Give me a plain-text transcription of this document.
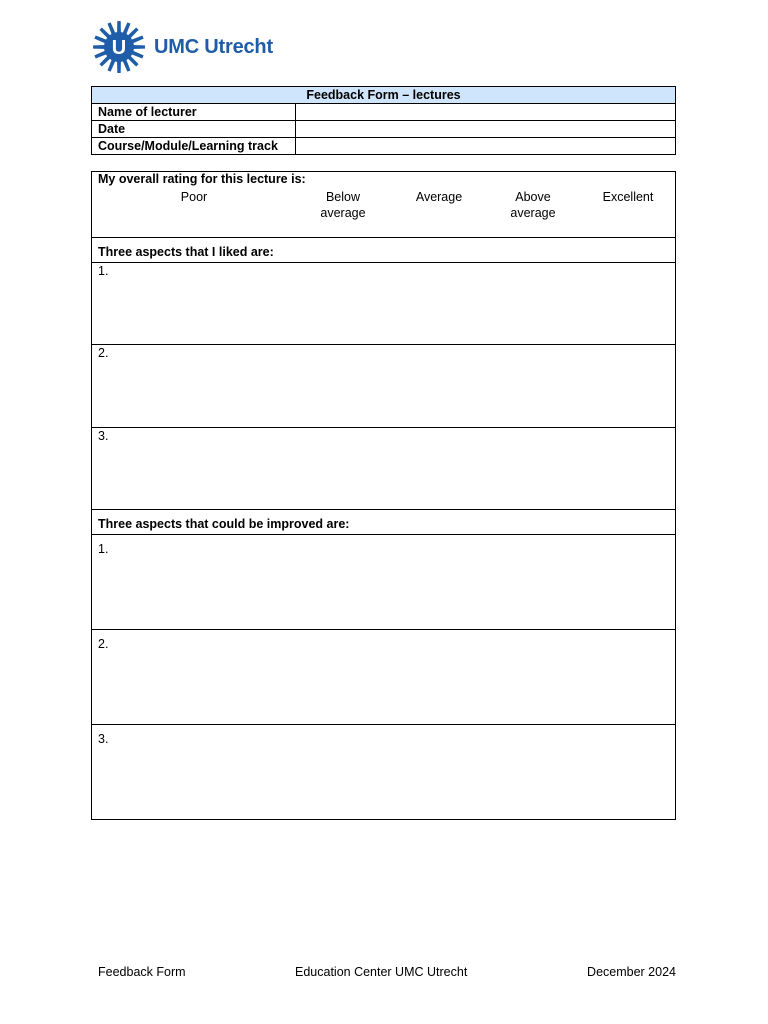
U UMC Utrecht
Feedback Form – lectures	
Name of lecturer	
Date	
Course/Module/Learning track	
My overall rating for this lecture is:
Poor	Below
average
Average	Above
average
Excellent
Three aspects that I liked are:
1.
2.
3.
Three aspects that could be improved are:
1.
2.
3.
Feedback Form	Education Center UMC Utrecht	December 2024
